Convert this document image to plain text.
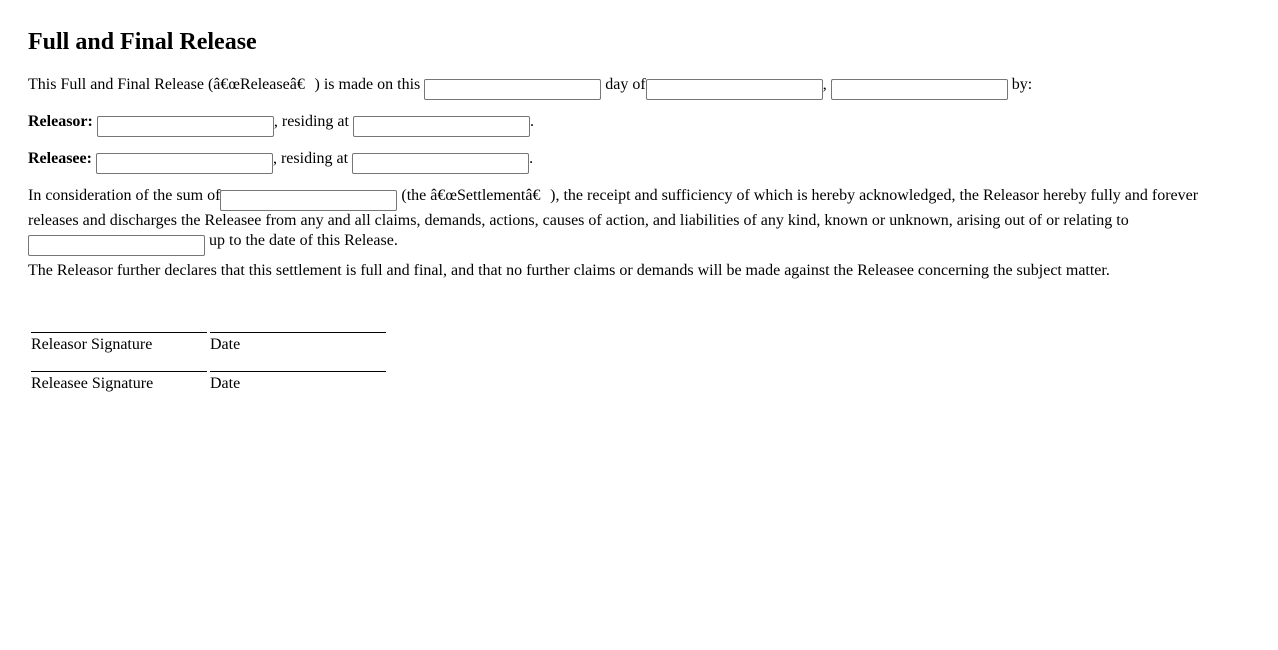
Full and Final Release

This Full and Final Release (â€œReleaseâ€) is made on this	day of	,	by:

Releasor:	, residing at	.

Releasee:	, residing at	.

In consideration of the sum of	(the â€œSettlementâ€), the receipt and sufficiency of which is hereby acknowledged, the Releasor hereby fully and forever releases and discharges the Releasee from any and all claims, demands, actions, causes of action, and liabilities of any kind, known or unknown, arising out of or relating to  up to the date of this Release.

The Releasor further declares that this settlement is full and final, and that no further claims or demands will be made against the Releasee concerning the subject matter.

Releasor Signature	Date

Releasee Signature	Date
